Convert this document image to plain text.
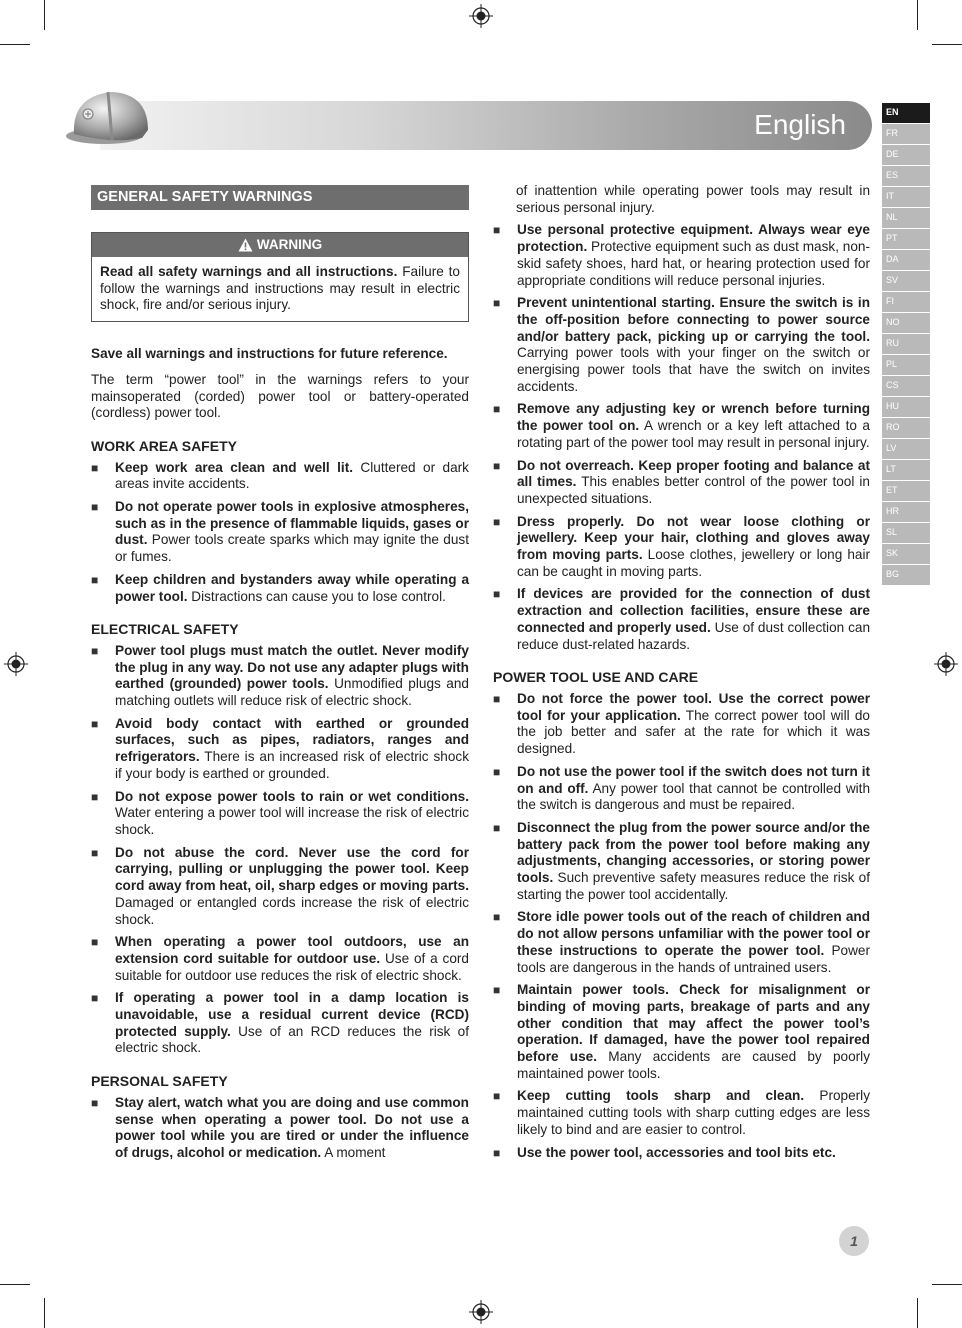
English	EN
FR
DE
ES
IT
NL
PT
DA
SV
FI
NO
RU
PL
CS
HU
RO
LV
LT
ET
HR
SL
SK
BG
GENERAL SAFETY WARNINGS
WARNING
Read all safety warnings and all instructions. Failure to follow the warnings and instructions may result in electric shock, fire and/or serious injury.

Save all warnings and instructions for future reference.

The term “power tool” in the warnings refers to your mainsoperated (corded) power tool or battery-operated (cordless) power tool.

WORK AREA SAFETY
■ Keep work area clean and well lit. Cluttered or dark areas invite accidents.
■ Do not operate power tools in explosive atmospheres, such as in the presence of flammable liquids, gases or dust. Power tools create sparks which may ignite the dust or fumes.
■ Keep children and bystanders away while operating a power tool. Distractions can cause you to lose control.
ELECTRICAL SAFETY
■ Power tool plugs must match the outlet. Never modify the plug in any way. Do not use any adapter plugs with earthed (grounded) power tools. Unmodified plugs and matching outlets will reduce risk of electric shock.
■ Avoid body contact with earthed or grounded surfaces, such as pipes, radiators, ranges and refrigerators. There is an increased risk of electric shock if your body is earthed or grounded.
■ Do not expose power tools to rain or wet conditions. Water entering a power tool will increase the risk of electric shock.
■ Do not abuse the cord. Never use the cord for carrying, pulling or unplugging the power tool. Keep cord away from heat, oil, sharp edges or moving parts. Damaged or entangled cords increase the risk of electric shock.
■ When operating a power tool outdoors, use an extension cord suitable for outdoor use. Use of a cord suitable for outdoor use reduces the risk of electric shock.
■ If operating a power tool in a damp location is unavoidable, use a residual current device (RCD) protected supply. Use of an RCD reduces the risk of electric shock.
PERSONAL SAFETY
■ Stay alert, watch what you are doing and use common sense when operating a power tool. Do not use a power tool while you are tired or under the influence of drugs, alcohol or medication. A moment

of inattention while operating power tools may result in serious personal injury.

■ Use personal protective equipment. Always wear eye protection. Protective equipment such as dust mask, non-skid safety shoes, hard hat, or hearing protection used for appropriate conditions will reduce personal injuries.
■ Prevent unintentional starting. Ensure the switch is in the off-position before connecting to power source and/or battery pack, picking up or carrying the tool. Carrying power tools with your finger on the switch or energising power tools that have the switch on invites accidents.
■ Remove any adjusting key or wrench before turning the power tool on. A wrench or a key left attached to a rotating part of the power tool may result in personal injury.
■ Do not overreach. Keep proper footing and balance at all times. This enables better control of the power tool in unexpected situations.
■ Dress properly. Do not wear loose clothing or jewellery. Keep your hair, clothing and gloves away from moving parts. Loose clothes, jewellery or long hair can be caught in moving parts.
■ If devices are provided for the connection of dust extraction and collection facilities, ensure these are connected and properly used. Use of dust collection can reduce dust-related hazards.
POWER TOOL USE AND CARE
■ Do not force the power tool. Use the correct power tool for your application. The correct power tool will do the job better and safer at the rate for which it was designed.
■ Do not use the power tool if the switch does not turn it on and off. Any power tool that cannot be controlled with the switch is dangerous and must be repaired.
■ Disconnect the plug from the power source and/or the battery pack from the power tool before making any adjustments, changing accessories, or storing power tools. Such preventive safety measures reduce the risk of starting the power tool accidentally.
■ Store idle power tools out of the reach of children and do not allow persons unfamiliar with the power tool or these instructions to operate the power tool. Power tools are dangerous in the hands of untrained users.
■ Maintain power tools. Check for misalignment or binding of moving parts, breakage of parts and any other condition that may affect the power tool’s operation. If damaged, have the power tool repaired before use. Many accidents are caused by poorly maintained power tools.
■ Keep cutting tools sharp and clean. Properly maintained cutting tools with sharp cutting edges are less likely to bind and are easier to control.
■ Use the power tool, accessories and tool bits etc.
1
